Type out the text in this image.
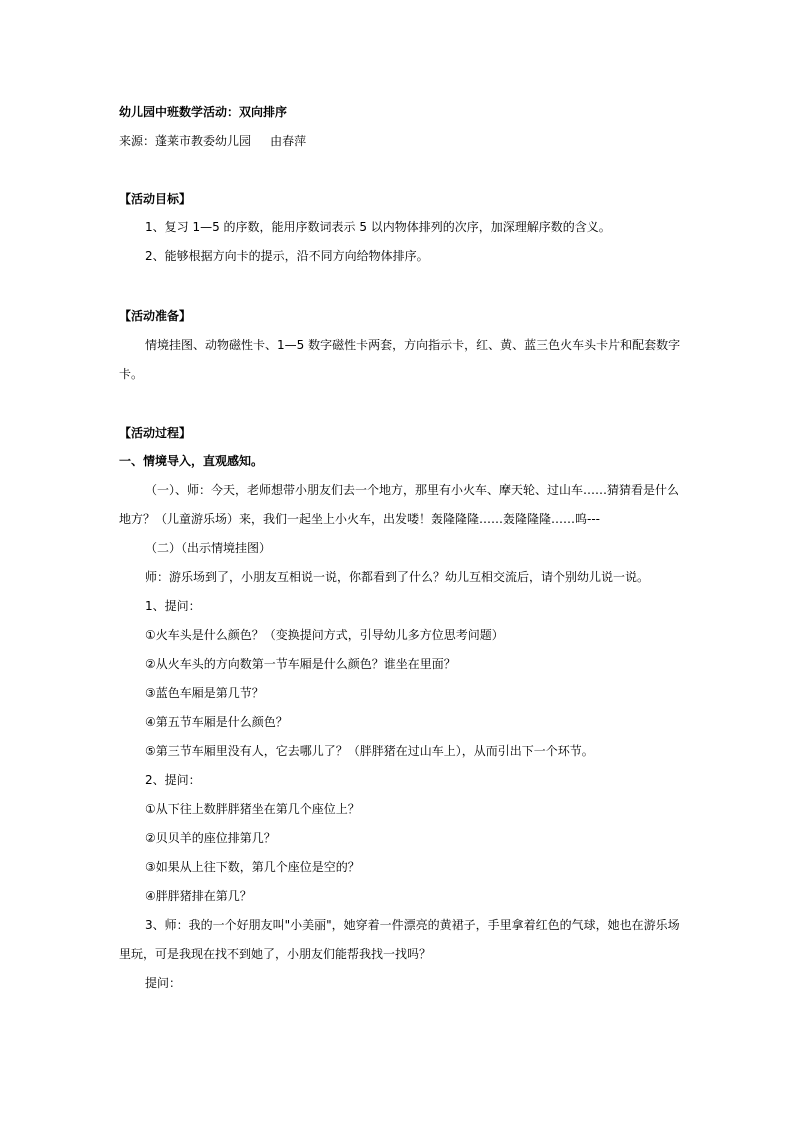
幼儿园中班数学活动：双向排序
来源：蓬莱市教委幼儿园     由春萍
【活动目标】
1、复习 1—5 的序数，能用序数词表示 5 以内物体排列的次序，加深理解序数的含义。
2、能够根据方向卡的提示，沿不同方向给物体排序。
【活动准备】
情境挂图、动物磁性卡、1—5 数字磁性卡两套，方向指示卡，红、黄、蓝三色火车头卡片和配套数字
卡。
【活动过程】
一、情境导入，直观感知。
（一）、师：今天，老师想带小朋友们去一个地方，那里有小火车、摩天轮、过山车……猜猜看是什么
地方？（儿童游乐场）来，我们一起坐上小火车，出发喽！轰隆隆隆……轰隆隆隆……呜---
（二）（出示情境挂图）
师：游乐场到了，小朋友互相说一说，你都看到了什么？幼儿互相交流后，请个别幼儿说一说。
1、提问：
①火车头是什么颜色？（变换提问方式，引导幼儿多方位思考问题）
②从火车头的方向数第一节车厢是什么颜色？谁坐在里面？
③蓝色车厢是第几节？
④第五节车厢是什么颜色？
⑤第三节车厢里没有人，它去哪儿了？（胖胖猪在过山车上），从而引出下一个环节。
2、提问：
①从下往上数胖胖猪坐在第几个座位上？
②贝贝羊的座位排第几？
③如果从上往下数，第几个座位是空的？
④胖胖猪排在第几？
3、师：我的一个好朋友叫"小美丽"，她穿着一件漂亮的黄裙子，手里拿着红色的气球，她也在游乐场
里玩，可是我现在找不到她了，小朋友们能帮我找一找吗？
提问：
